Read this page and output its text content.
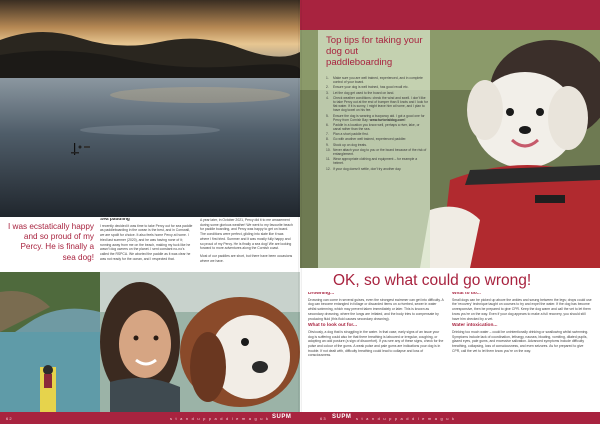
I was ecstatically happy and so proud of my Percy. He is finally a sea dog!
Sea paddling

I recently decided it was time to take Percy out for sea paddle as paddleboarding in the ocean is the best, and in Cornwall, we are spoilt for choice. It also feels home Percy at home. I tried last summer (2020), and he was having none of it; running away from me on the beach, making my tuck like he wasn't dog owners on the planet. I sent constant no-no's called the RSPCA. We aborted the paddle as it was clear he was not ready for the ocean, and I respected that.

A year later, in October 2021, Percy did it to me amazement during some glorious weather! We went to my favourite beach for paddle boarding, and Percy was happy to get on board. The conditions were perfect, gliding into slate like it was where I first tried. Summer and it was mostly fully happy and so proud of my Percy. He is finally a sea dog! We are looking forward to more adventures along the Cornish coast.

Most of our paddles are short, but there have been occasions where we have.

Top tips for taking your dog out paddleboarding
1.	Make sure you are well trained, experienced, and in complete control of your board.
2.	Ensure your dog is well trained, has good recall etc.
3.	Let the dog get used to the board on land.
4.	Check weather conditions: check the wind and swell. I don't like to take Percy out at the end of bumper than 5 knots and I look for flat water. If it is sunny, I might leave him at home, and I plan to have dog towel on his fee.
5.	Ensure the dog is wearing a buoyancy aid. I got a good one for Percy from Cornish Bay: www.turtorialdog.com!
6.	Paddle in a location you know well, perhaps a river, lake, or canal rather than the sea.
7.	Plan a short paddle first.
8.	Go with another well trained, experienced paddler.
9.	Stock up on dog treats.
10. Never attach your dog to you or the board because of the risk of entanglement.
11. Wear appropriate clothing and equipment – for example a helmet.
12. If your dog doesn't settle, don't try another day.
OK, so what could go wrong!
Drowning...

Drowning can come in several guises, even the strongest swimmer can get into difficulty. A dog can become entangled in foliage or discarded items on a riverbed, sewer in water whilst swimming, which may prevent taken immediately or later. This is known as secondary drowning, where the lungs are irritated, and the body tries to compensate by producing fluid (this fluid causes secondary drowning).

What to look out for...

Obviously, a dog that is struggling in the water. In that case, early signs of an issue your dog is suffering could also be that there breathing is laboured or irregular, coughing, or adopting an odd posture (a sign of discomfort). If you see any of these signs, check for the pulse and colour of the gums. A weak pulse and pale gums are indications your dog is in trouble. If not dealt with, difficulty breathing could lead to collapse and loss of consciousness.

What to do...

Small dogs can be picked up above the ankles and swung between the legs; drops could use the 'recovery' technique taught on courses to try and expel the water. If the dog has become unresponsive, then be prepared to give CPR. Keep the dog warm and call the vet to let them know you're on the way. Even if your dog appears to make a full recovery, you should still have him checked by a vet.

Water intoxication...

Drinking too much water – could be unintentionally drinking or swallowing whilst swimming. Symptoms include lack of coordination, lethargy, nausea, bloating, vomiting, dilated pupils, glazed eyes, pale gums, and excessive salivation. Advanced symptoms include difficulty breathing, collapsing, loss of consciousness, and even seizures. As for prepared to give CPR, call the vet to let them know you're on the way.

62	s t a n d u p p a d d l e m a g u k SUPM	SUPM s t a n d u p p a d d l e m a g u k
63
